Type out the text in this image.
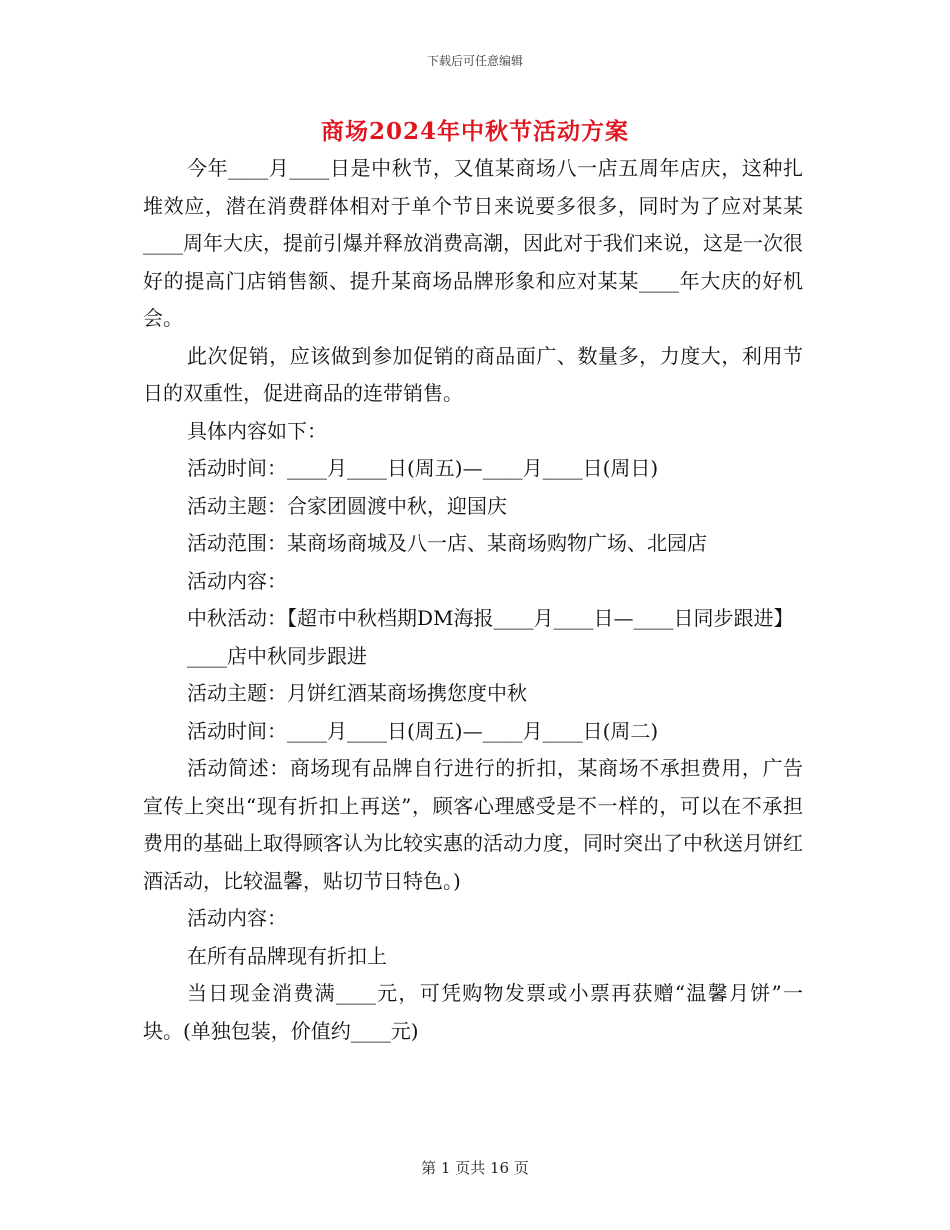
下载后可任意编辑
商场2024年中秋节活动方案

今年____月____日是中秋节，又值某商场八一店五周年店庆，这种扎堆效应，潜在消费群体相对于单个节日来说要多很多，同时为了应对某某____周年大庆，提前引爆并释放消费高潮，因此对于我们来说，这是一次很好的提高门店销售额、提升某商场品牌形象和应对某某____年大庆的好机会。

此次促销，应该做到参加促销的商品面广、数量多，力度大，利用节日的双重性，促进商品的连带销售。

具体内容如下：

活动时间：____月____日(周五)—____月____日(周日)

活动主题：合家团圆渡中秋，迎国庆

活动范围：某商场商城及八一店、某商场购物广场、北园店

活动内容：

中秋活动：【超市中秋档期DM海报____月____日—____日同步跟进】

____店中秋同步跟进

活动主题：月饼红酒某商场携您度中秋

活动时间：____月____日(周五)—____月____日(周二)

活动简述：商场现有品牌自行进行的折扣，某商场不承担费用，广告宣传上突出“现有折扣上再送”，顾客心理感受是不一样的，可以在不承担费用的基础上取得顾客认为比较实惠的活动力度，同时突出了中秋送月饼红酒活动，比较温馨，贴切节日特色。)

活动内容：

在所有品牌现有折扣上

当日现金消费满____元，可凭购物发票或小票再获赠“温馨月饼”一块。(单独包装，价值约____元)

第 1 页共 16 页
